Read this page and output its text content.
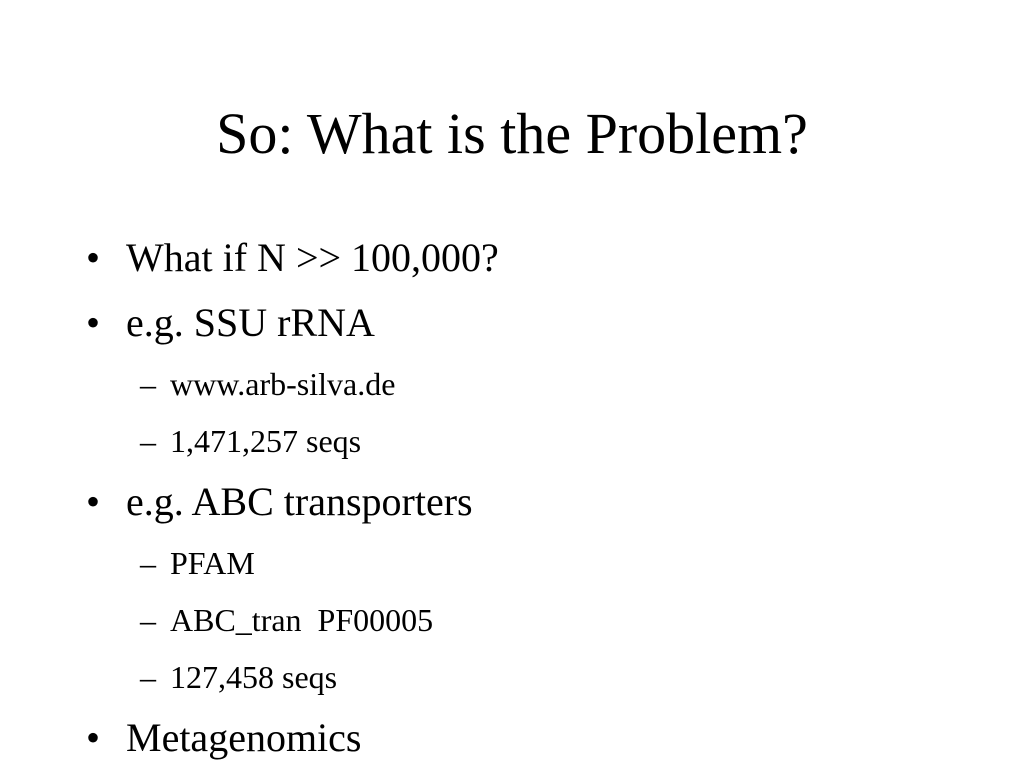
So: What is the Problem?
• What if N >> 100,000?
• e.g. SSU rRNA
– www.arb-silva.de
– 1,471,257 seqs
• e.g. ABC transporters
– PFAM
– ABC_tran  PF00005
– 127,458 seqs
• Metagenomics
